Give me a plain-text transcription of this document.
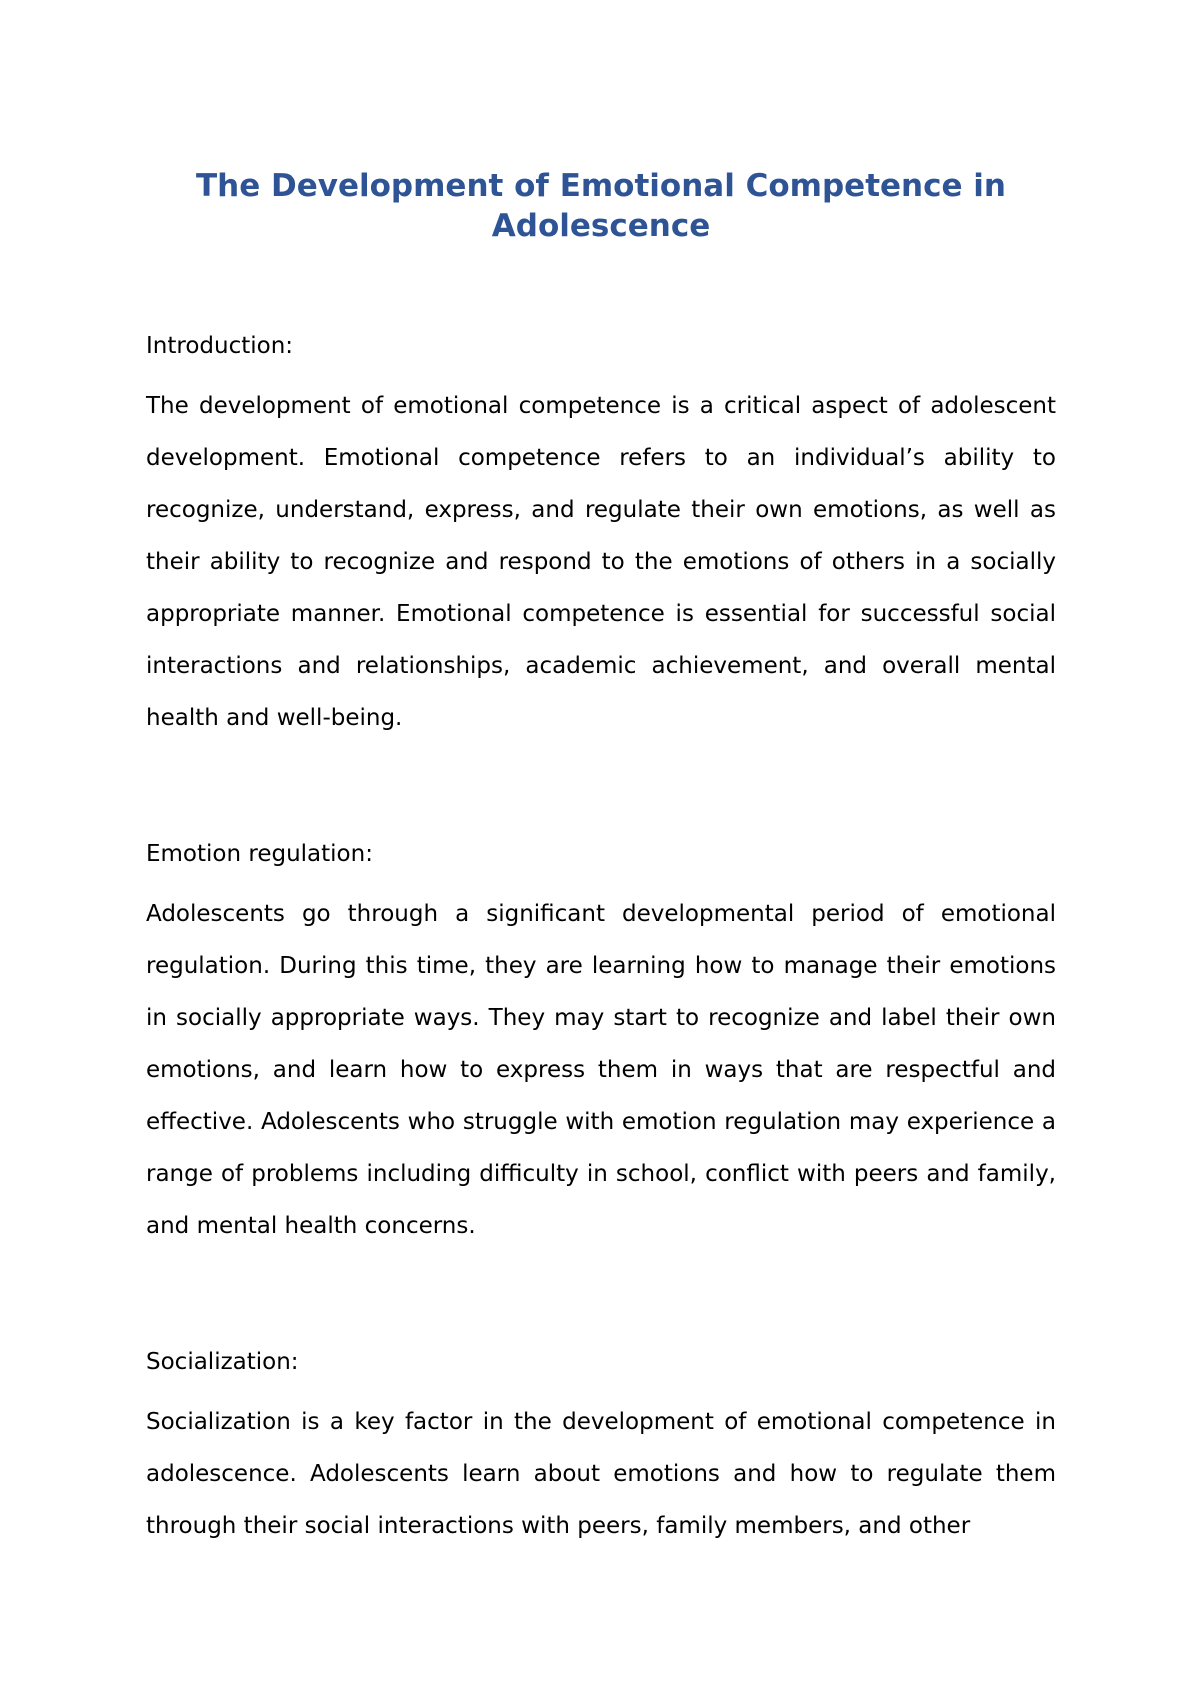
The Development of Emotional Competence in Adolescence

Introduction:

The development of emotional competence is a critical aspect of adolescent development. Emotional competence refers to an individual’s ability to recognize, understand, express, and regulate their own emotions, as well as their ability to recognize and respond to the emotions of others in a socially appropriate manner. Emotional competence is essential for successful social interactions and relationships, academic achievement, and overall mental health and well-being.

Emotion regulation:

Adolescents go through a significant developmental period of emotional regulation. During this time, they are learning how to manage their emotions in socially appropriate ways. They may start to recognize and label their own emotions, and learn how to express them in ways that are respectful and effective. Adolescents who struggle with emotion regulation may experience a range of problems including difficulty in school, conflict with peers and family, and mental health concerns.

Socialization:

Socialization is a key factor in the development of emotional competence in adolescence. Adolescents learn about emotions and how to regulate them through their social interactions with peers, family members, and other
